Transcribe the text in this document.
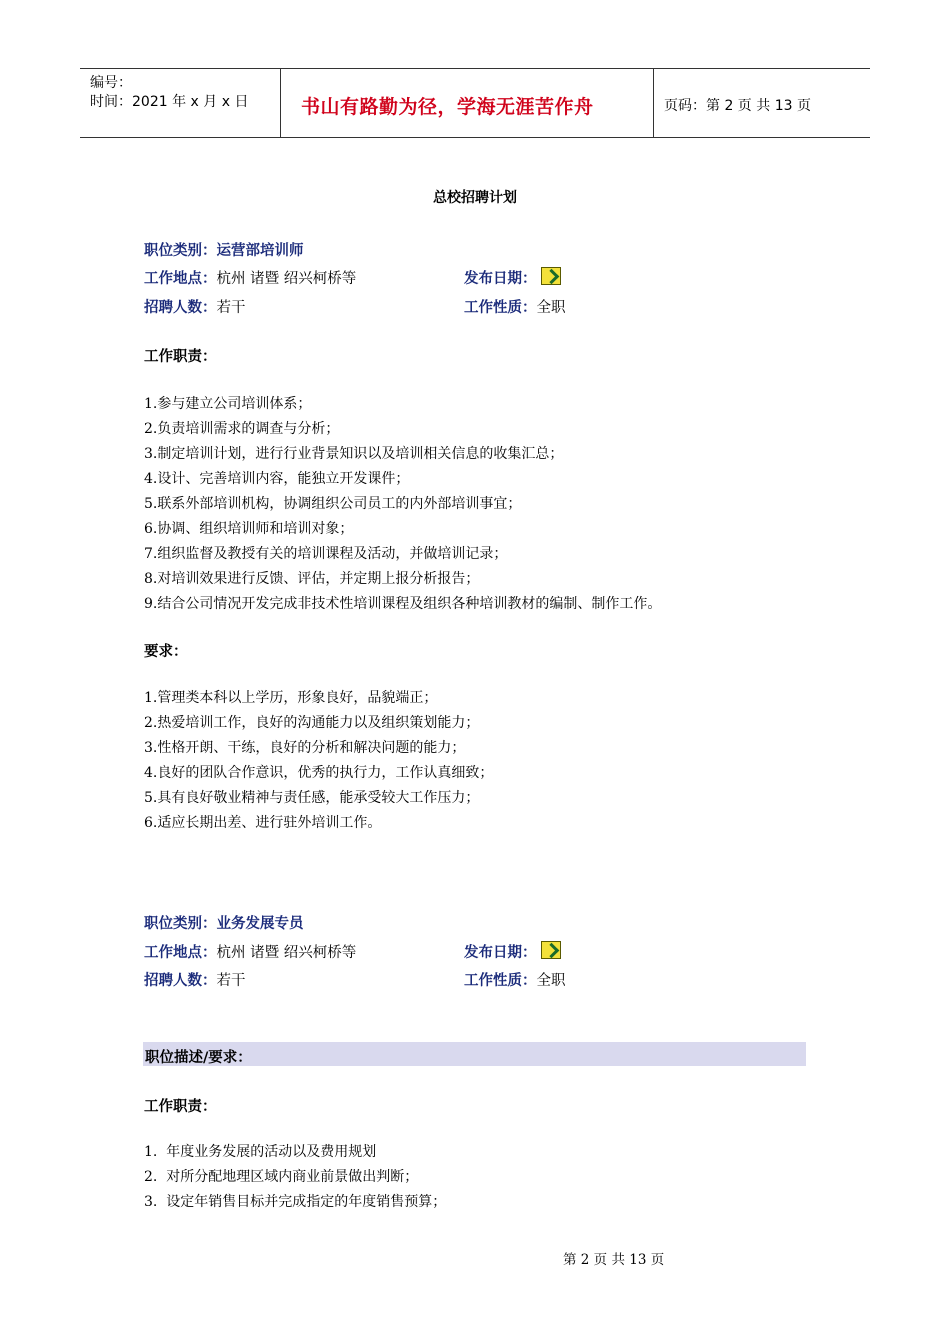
编号：
时间：2021 年 x 月 x 日	书山有路勤为径，学海无涯苦作舟	页码：第 2 页 共 13 页
总校招聘计划
职位类别：运营部培训师
工作地点：杭州 诸暨 绍兴柯桥等	发布日期：
招聘人数：若干	工作性质：全职
工作职责：
1.参与建立公司培训体系；
2.负责培训需求的调查与分析；
3.制定培训计划，进行行业背景知识以及培训相关信息的收集汇总；
4.设计、完善培训内容，能独立开发课件；
5.联系外部培训机构，协调组织公司员工的内外部培训事宜；
6.协调、组织培训师和培训对象；
7.组织监督及教授有关的培训课程及活动，并做培训记录；
8.对培训效果进行反馈、评估，并定期上报分析报告；
9.结合公司情况开发完成非技术性培训课程及组织各种培训教材的编制、制作工作。
要求：
1.管理类本科以上学历，形象良好，品貌端正；
2.热爱培训工作，良好的沟通能力以及组织策划能力；
3.性格开朗、干练，良好的分析和解决问题的能力；
4.良好的团队合作意识，优秀的执行力，工作认真细致；
5.具有良好敬业精神与责任感，能承受较大工作压力；
6.适应长期出差、进行驻外培训工作。
职位类别：业务发展专员
工作地点：杭州 诸暨 绍兴柯桥等	发布日期：
招聘人数：若干	工作性质：全职
职位描述/要求：
工作职责：
1.  年度业务发展的活动以及费用规划
2.  对所分配地理区域内商业前景做出判断；
3.  设定年销售目标并完成指定的年度销售预算；
第 2 页 共 13 页
